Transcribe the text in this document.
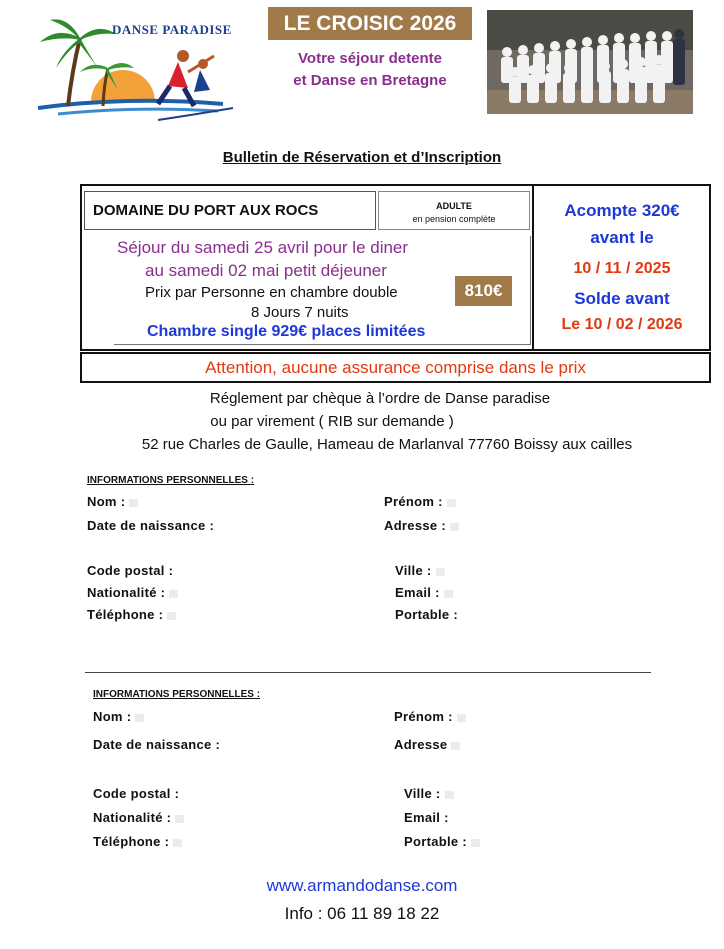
DANSE PARADISE	LE CROISIC 2026
Votre séjour detente
et Danse en Bretagne
Bulletin de Réservation et d’Inscription
DOMAINE DU PORT AUX ROCS	ADULTE
en pension complète
Séjour du samedi 25 avril pour le diner
au samedi 02 mai petit déjeuner
Prix par Personne en chambre double	810€
8 Jours 7 nuits
Chambre single 929€ places limitées
Acompte 320€
avant le
10 / 11 / 2025
Solde avant
Le 10 / 02 / 2026
Attention, aucune assurance comprise dans le prix
Réglement par chèque à l’ordre de Danse paradise
ou par virement ( RIB sur demande )
52 rue Charles de Gaulle, Hameau de Marlanval 77760 Boissy aux cailles
INFORMATIONS PERSONNELLES :
Nom :	Prénom :
Date de naissance :	Adresse :
Code postal :	Ville :
Nationalité :	Email :
Téléphone :	Portable :
INFORMATIONS PERSONNELLES :
Nom :	Prénom :
Date de naissance :	Adresse
Code postal :	Ville :
Nationalité :	Email :
Téléphone :	Portable :
www.armandodanse.com
Info : 06 11 89 18 22
